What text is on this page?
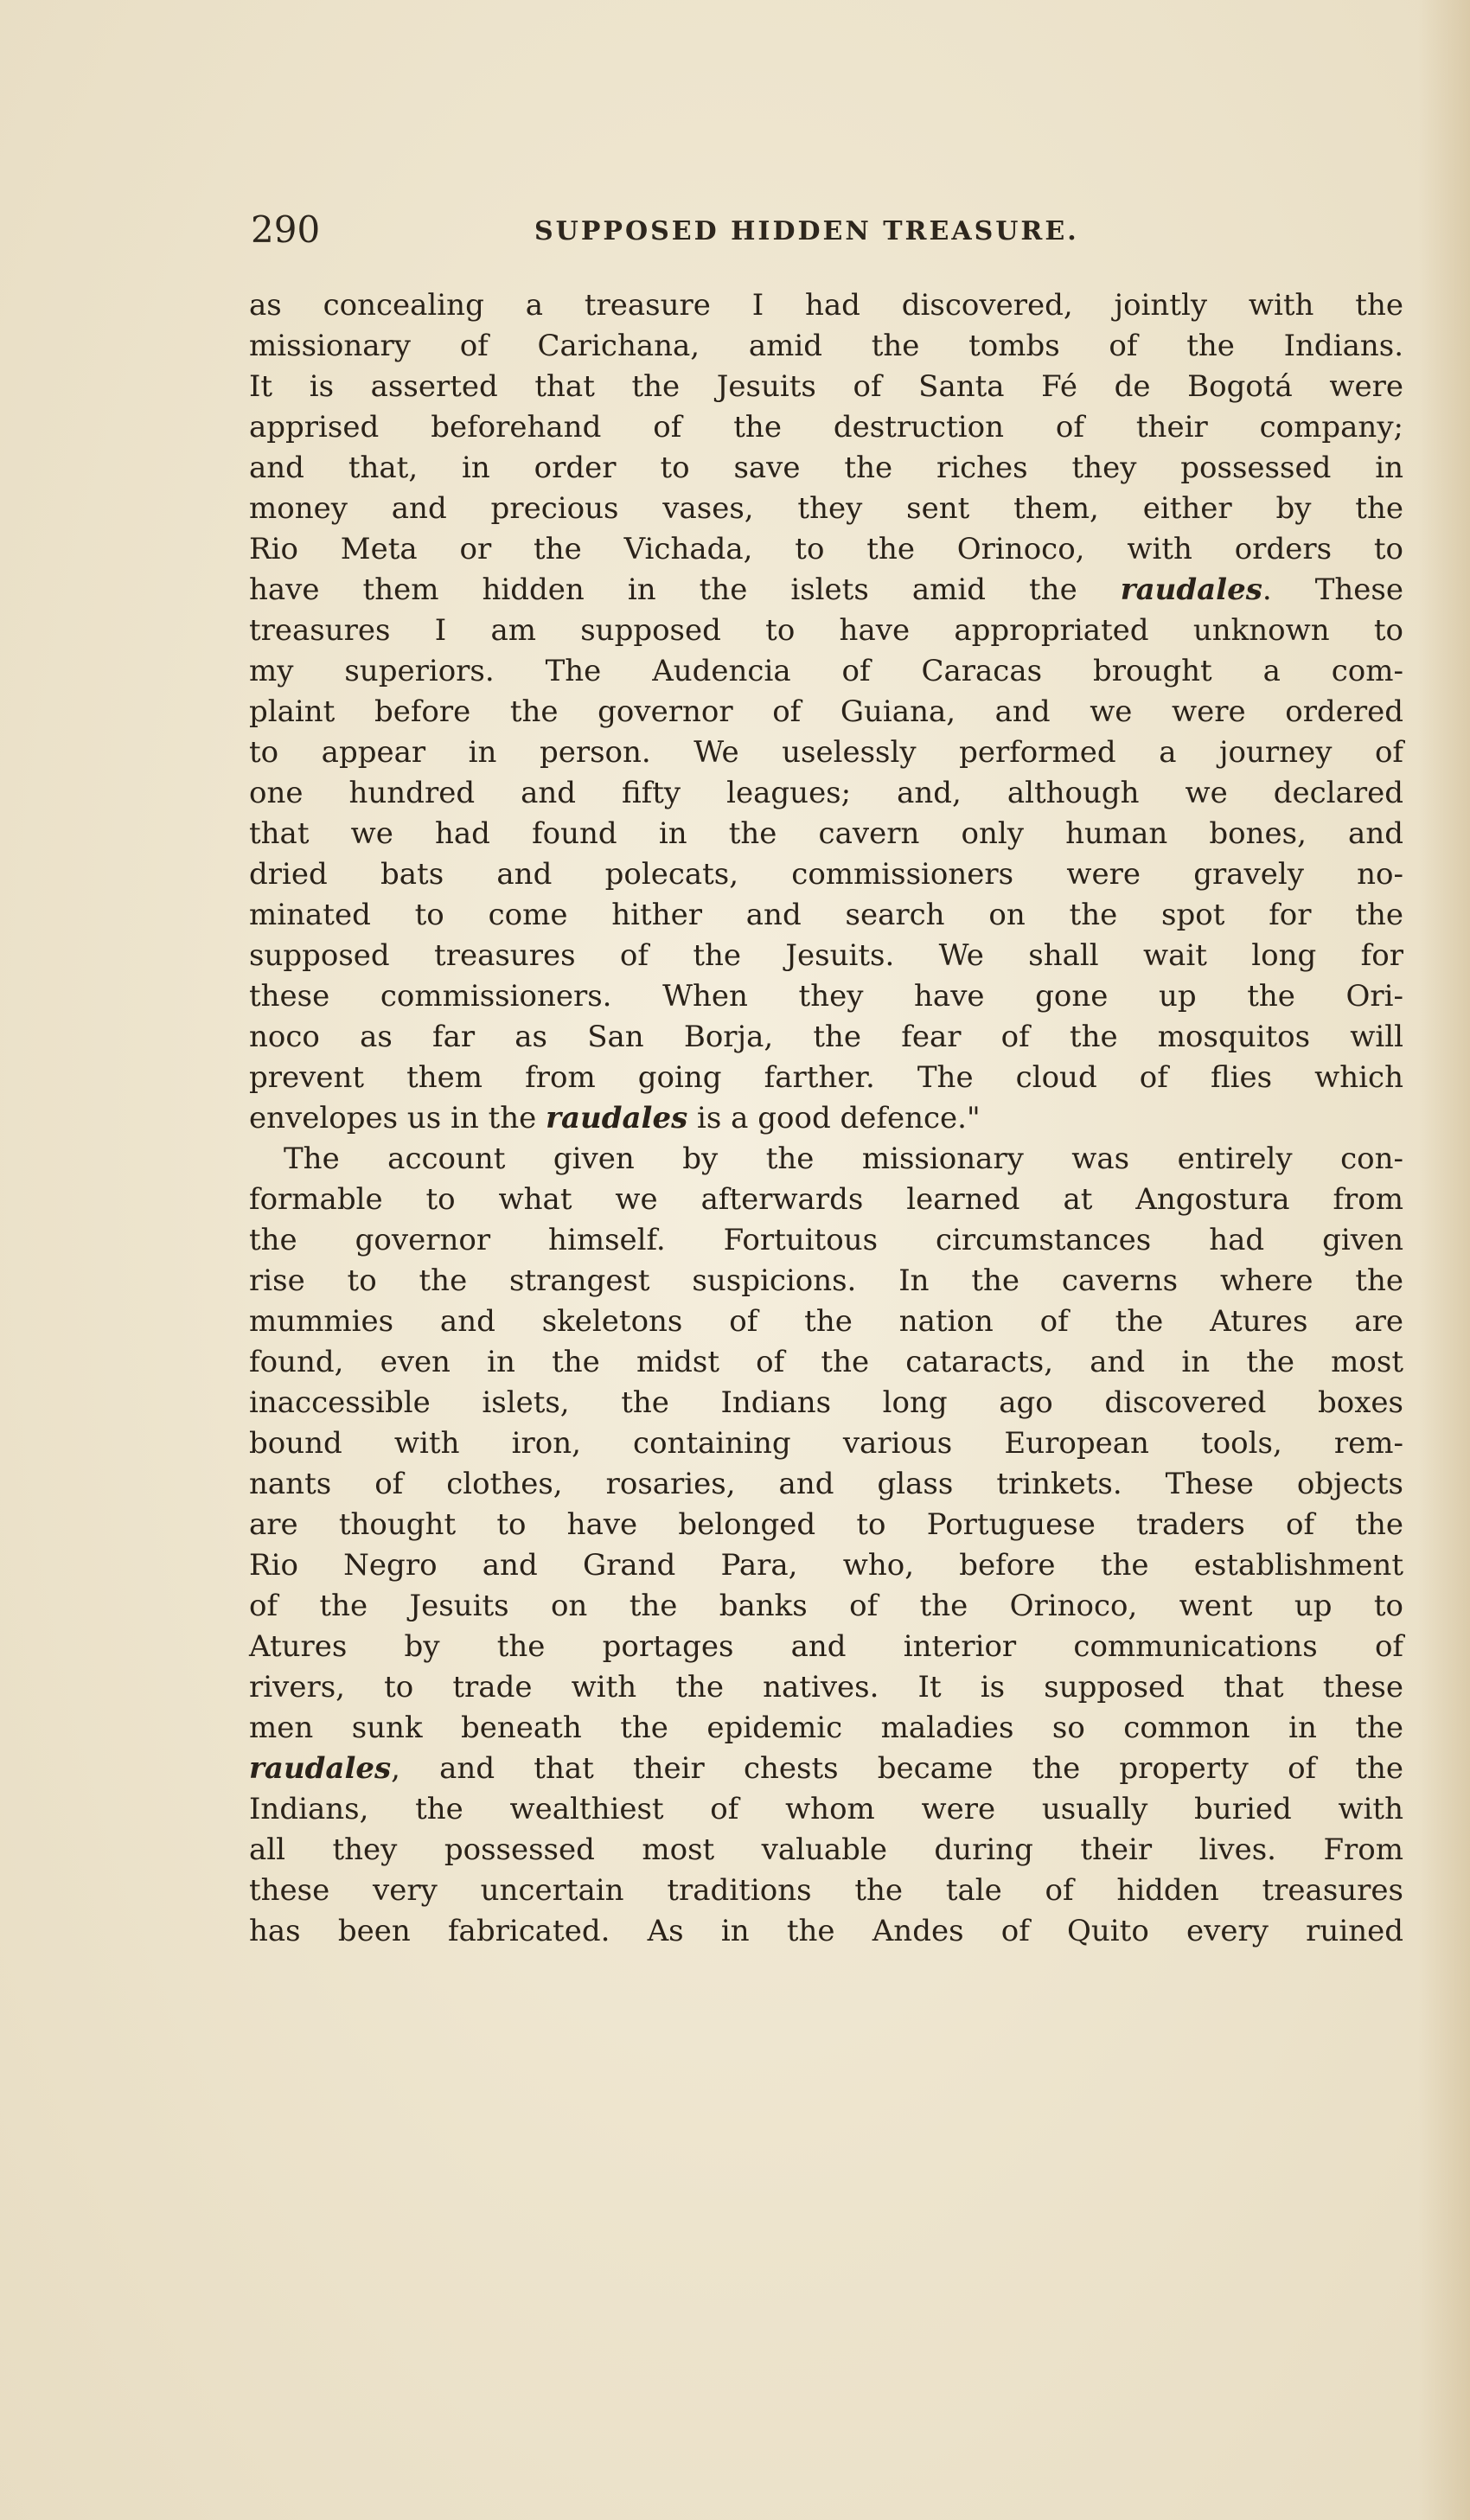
290	SUPPOSED HIDDEN TREASURE.
as concealing a treasure I had discovered, jointly with the
missionary of Carichana, amid the tombs of the Indians.
It is asserted that the Jesuits of Santa Fé de Bogotá were
apprised beforehand of the destruction of their company;
and that, in order to save the riches they possessed in
money and precious vases, they sent them, either by the
Rio Meta or the Vichada, to the Orinoco, with orders to
have them hidden in the islets amid the raudales. These
treasures I am supposed to have appropriated unknown to
my superiors. The Audencia of Caracas brought a com-
plaint before the governor of Guiana, and we were ordered
to appear in person. We uselessly performed a journey of
one hundred and fifty leagues; and, although we declared
that we had found in the cavern only human bones, and
dried bats and polecats, commissioners were gravely no-
minated to come hither and search on the spot for the
supposed treasures of the Jesuits. We shall wait long for
these commissioners. When they have gone up the Ori-
noco as far as San Borja, the fear of the mosquitos will
prevent them from going farther. The cloud of flies which
envelopes us in the raudales is a good defence."
The account given by the missionary was entirely con-
formable to what we afterwards learned at Angostura from
the governor himself. Fortuitous circumstances had given
rise to the strangest suspicions. In the caverns where the
mummies and skeletons of the nation of the Atures are
found, even in the midst of the cataracts, and in the most
inaccessible islets, the Indians long ago discovered boxes
bound with iron, containing various European tools, rem-
nants of clothes, rosaries, and glass trinkets. These objects
are thought to have belonged to Portuguese traders of the
Rio Negro and Grand Para, who, before the establishment
of the Jesuits on the banks of the Orinoco, went up to
Atures by the portages and interior communications of
rivers, to trade with the natives. It is supposed that these
men sunk beneath the epidemic maladies so common in the
raudales, and that their chests became the property of the
Indians, the wealthiest of whom were usually buried with
all they possessed most valuable during their lives. From
these very uncertain traditions the tale of hidden treasures
has been fabricated. As in the Andes of Quito every ruined
